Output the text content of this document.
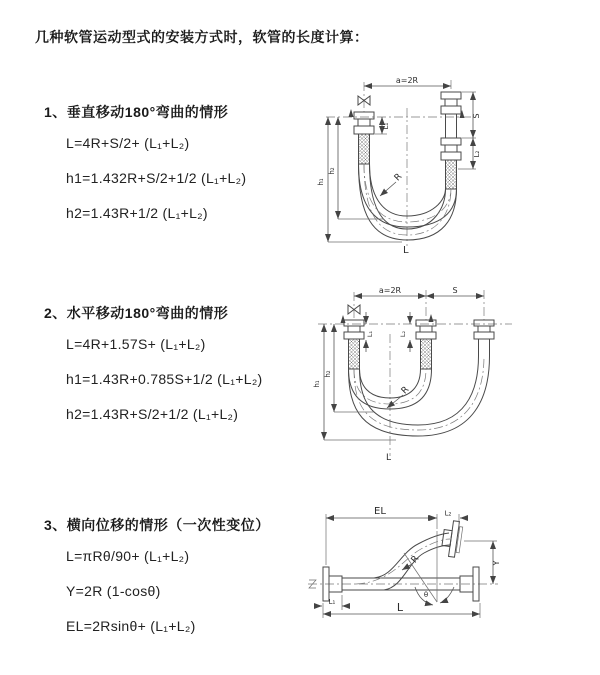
几种软管运动型式的安装方式时，软管的长度计算：
1、垂直移动180°弯曲的情形
L=4R+S/2+ (L₁+L₂)
h1=1.432R+S/2+1/2 (L₁+L₂)
h2=1.43R+1/2 (L₁+L₂)
a=2R
h₁
h₂
L₁
S
L₂
R
L
2、水平移动180°弯曲的情形
L=4R+1.57S+ (L₁+L₂)
h1=1.43R+0.785S+1/2 (L₁+L₂)
h2=1.43R+S/2+1/2 (L₁+L₂)
a=2R	S
h₁
h₂
L₁	L₂
R
L
3、横向位移的情形（一次性变位）
L=πRθ/90+ (L₁+L₂)
Y=2R (1-cosθ)
EL=2Rsinθ+ (L₁+L₂)
θ
R
EL	L₂
Y
L₁	L
